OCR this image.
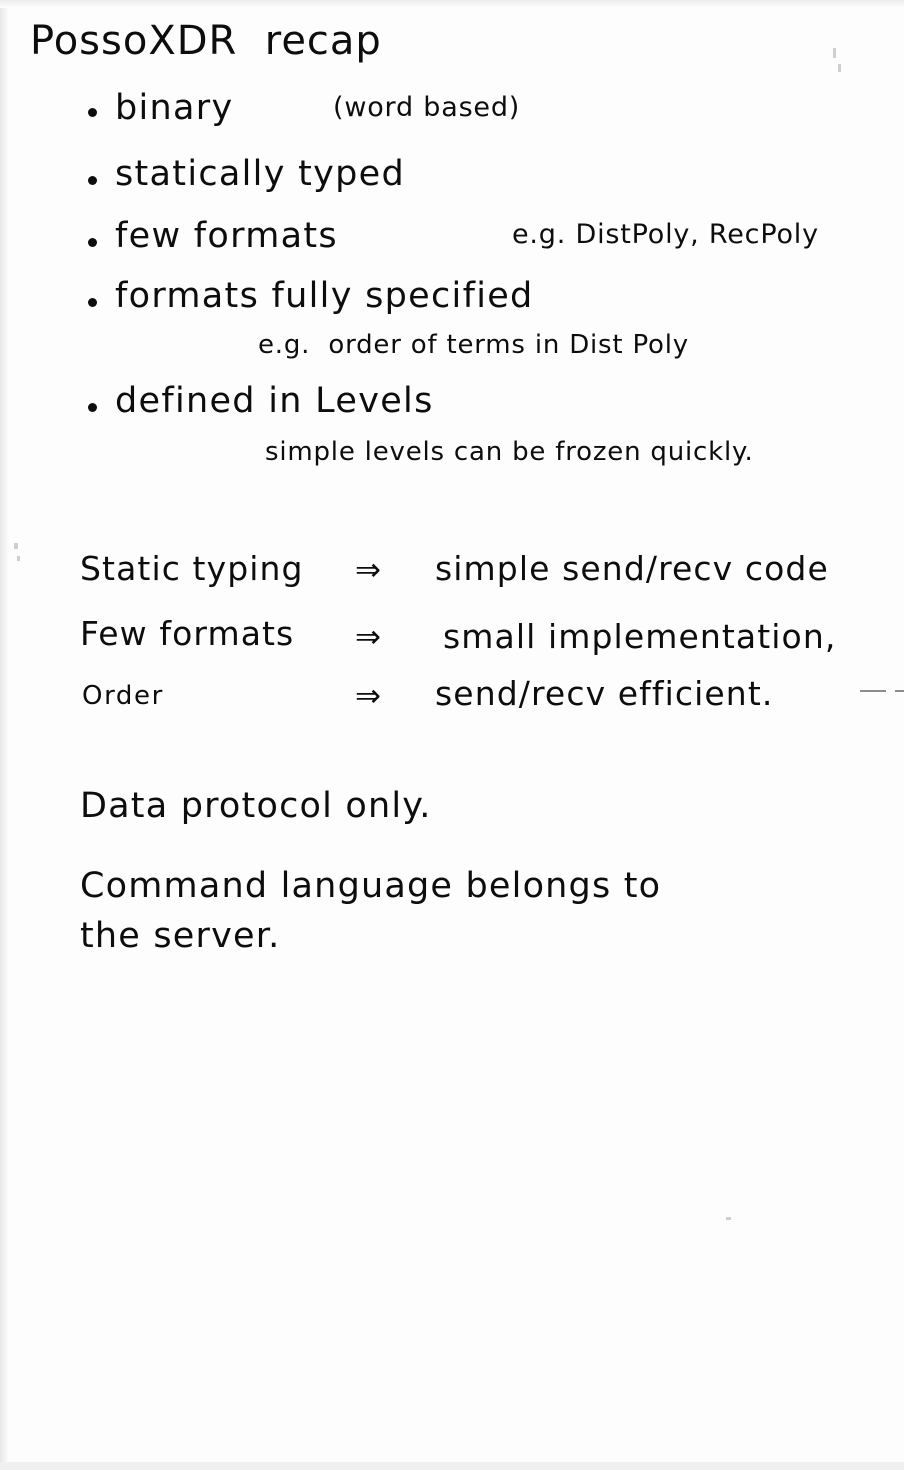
PossoXDR  recap
binary	(word based)
statically typed
few formats	e.g. DistPoly, RecPoly
formats fully specified
e.g.  order of terms in Dist Poly
defined in Levels
simple levels can be frozen quickly.
Static typing ⇒ simple send/recv code
Few formats ⇒ small implementation,
Order	⇒ send/recv efficient.
Data protocol only.
Command language belongs to
the server.
